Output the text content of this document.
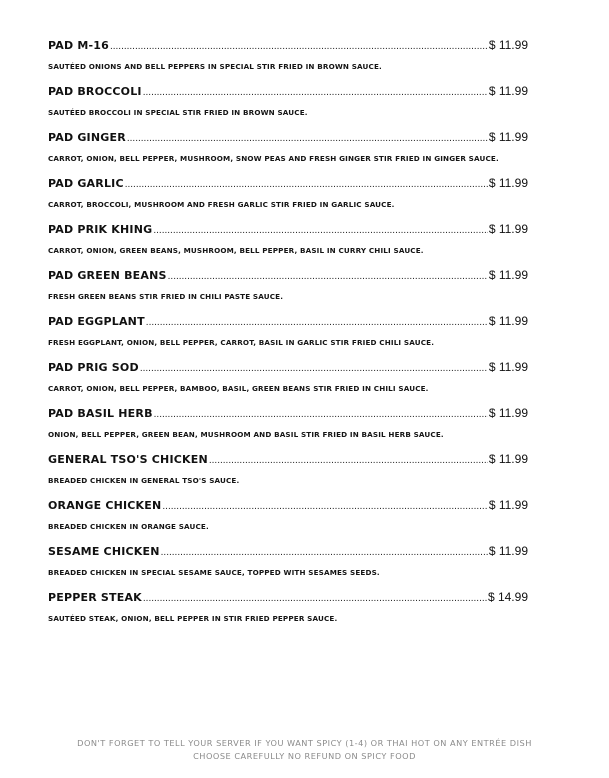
PAD M-16 .....	$ 11.99
SAUTÉED ONIONS AND BELL PEPPERS IN SPECIAL STIR FRIED IN BROWN SAUCE.
PAD BROCCOLI .....	$ 11.99
SAUTÉED BROCCOLI IN SPECIAL STIR FRIED IN BROWN SAUCE.
PAD GINGER .....	$ 11.99
CARROT, ONION, BELL PEPPER, MUSHROOM, SNOW PEAS AND FRESH GINGER STIR FRIED IN GINGER SAUCE.
PAD GARLIC .....	$ 11.99
CARROT, BROCCOLI, MUSHROOM AND FRESH GARLIC STIR FRIED IN GARLIC SAUCE.
PAD PRIK KHING .....	$ 11.99
CARROT, ONION, GREEN BEANS, MUSHROOM, BELL PEPPER, BASIL IN CURRY CHILI SAUCE.
PAD GREEN BEANS .....	$ 11.99
FRESH GREEN BEANS STIR FRIED IN CHILI PASTE SAUCE.
PAD EGGPLANT .....	$ 11.99
FRESH EGGPLANT, ONION, BELL PEPPER, CARROT, BASIL IN GARLIC STIR FRIED CHILI SAUCE.
PAD PRIG SOD .....	$ 11.99
CARROT, ONION, BELL PEPPER, BAMBOO, BASIL, GREEN BEANS STIR FRIED IN CHILI SAUCE.
PAD BASIL HERB .....	$ 11.99
ONION, BELL PEPPER, GREEN BEAN, MUSHROOM AND BASIL STIR FRIED IN BASIL HERB SAUCE.
GENERAL TSO'S CHICKEN .....	$ 11.99
BREADED CHICKEN IN GENERAL TSO'S SAUCE.
ORANGE CHICKEN .....	$ 11.99
BREADED CHICKEN IN ORANGE SAUCE.
SESAME CHICKEN .....	$ 11.99
BREADED CHICKEN IN SPECIAL SESAME SAUCE, TOPPED WITH SESAMES SEEDS.
PEPPER STEAK .....	$ 14.99
SAUTÉED STEAK, ONION, BELL PEPPER IN STIR FRIED PEPPER SAUCE.
DON'T FORGET TO TELL YOUR SERVER IF YOU WANT SPICY (1-4) OR THAI HOT ON ANY ENTRÉE DISH
CHOOSE CAREFULLY NO REFUND ON SPICY FOOD
